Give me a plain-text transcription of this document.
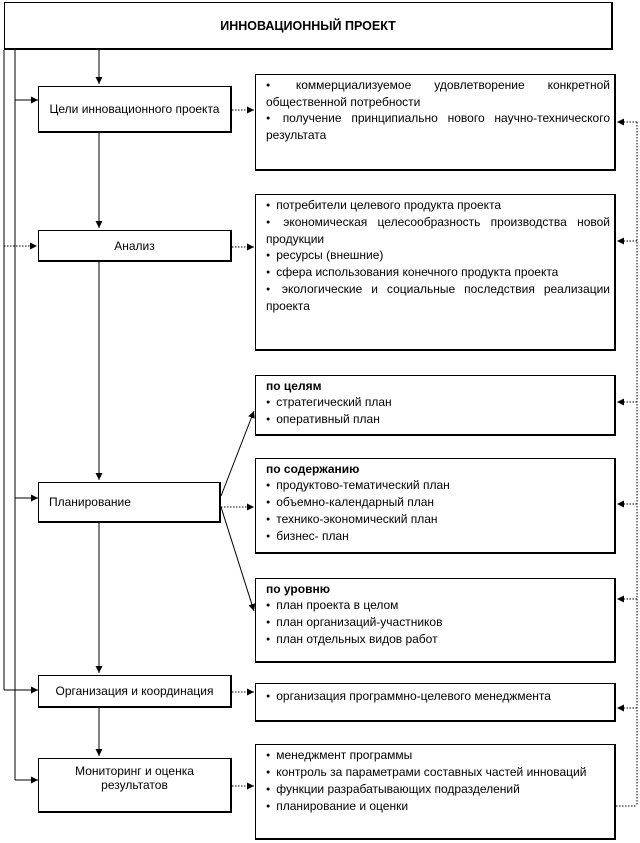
ИННОВАЦИОННЫЙ ПРОЕКТ
Цели инновационного проекта
Анализ
Планирование
Организация и координация
Мониторинг и оценка результатов
● коммерциализуемое удовлетворение конкретной общественной потребности
● получение принципиально нового научно-технического результата
● потребители целевого продукта проекта
● экономическая целесообразность производства новой продукции
● ресурсы (внешние)
● сфера использования конечного продукта проекта
● экологические и социальные последствия реализации проекта
по целям
● стратегический план
● оперативный план
по содержанию
● продуктово-тематический план
● объемно-календарный план
● технико-экономический план
● бизнес- план
по уровню
● план проекта в целом
● план организаций-участников
● план отдельных видов работ
● организация программно-целевого менеджмента
● менеджмент программы
● контроль за параметрами составных частей инноваций
● функции разрабатывающих подразделений
● планирование и оценки
